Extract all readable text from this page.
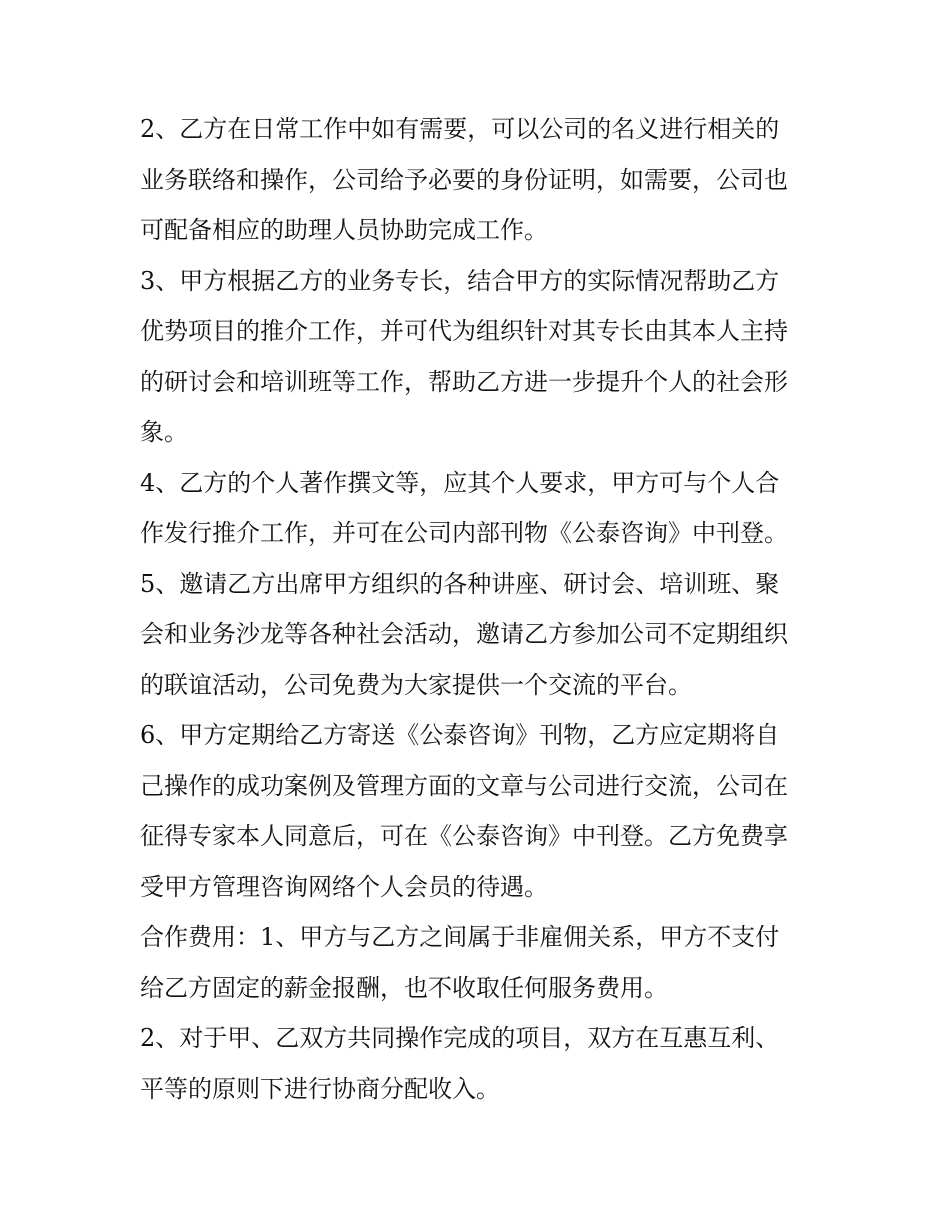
2、乙方在日常工作中如有需要，可以公司的名义进行相关的
业务联络和操作，公司给予必要的身份证明，如需要，公司也
可配备相应的助理人员协助完成工作。

3、甲方根据乙方的业务专长，结合甲方的实际情况帮助乙方
优势项目的推介工作，并可代为组织针对其专长由其本人主持
的研讨会和培训班等工作，帮助乙方进一步提升个人的社会形
象。

4、乙方的个人著作撰文等，应其个人要求，甲方可与个人合
作发行推介工作，并可在公司内部刊物《公泰咨询》中刊登。

5、邀请乙方出席甲方组织的各种讲座、研讨会、培训班、聚
会和业务沙龙等各种社会活动，邀请乙方参加公司不定期组织
的联谊活动，公司免费为大家提供一个交流的平台。

6、甲方定期给乙方寄送《公泰咨询》刊物，乙方应定期将自
己操作的成功案例及管理方面的文章与公司进行交流，公司在
征得专家本人同意后，可在《公泰咨询》中刊登。乙方免费享
受甲方管理咨询网络个人会员的待遇。

合作费用：1、甲方与乙方之间属于非雇佣关系，甲方不支付
给乙方固定的薪金报酬，也不收取任何服务费用。

2、对于甲、乙双方共同操作完成的项目，双方在互惠互利、
平等的原则下进行协商分配收入。
